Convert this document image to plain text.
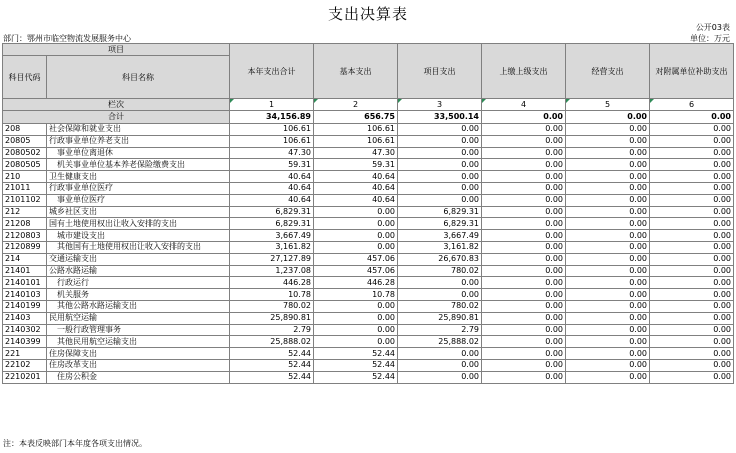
支出决算表
公开03表
部门：鄂州市临空物流发展服务中心	单位：万元
项目		本年支出合计	基本支出	项目支出	上缴上级支出	经营支出	对附属单位补助支出
科目代码	科目名称						
栏次		1	2	3	4	5	6
合计		34,156.89	656.75	33,500.14	0.00	0.00	0.00
208	社会保障和就业支出	106.61	106.61	0.00	0.00	0.00	0.00
20805	行政事业单位养老支出	106.61	106.61	0.00	0.00	0.00	0.00
2080502	事业单位离退休	47.30	47.30	0.00	0.00	0.00	0.00
2080505	机关事业单位基本养老保险缴费支出	59.31	59.31	0.00	0.00	0.00	0.00
210	卫生健康支出	40.64	40.64	0.00	0.00	0.00	0.00
21011	行政事业单位医疗	40.64	40.64	0.00	0.00	0.00	0.00
2101102	事业单位医疗	40.64	40.64	0.00	0.00	0.00	0.00
212	城乡社区支出	6,829.31	0.00	6,829.31	0.00	0.00	0.00
21208	国有土地使用权出让收入安排的支出	6,829.31	0.00	6,829.31	0.00	0.00	0.00
2120803	城市建设支出	3,667.49	0.00	3,667.49	0.00	0.00	0.00
2120899	其他国有土地使用权出让收入安排的支出	3,161.82	0.00	3,161.82	0.00	0.00	0.00
214	交通运输支出	27,127.89	457.06	26,670.83	0.00	0.00	0.00
21401	公路水路运输	1,237.08	457.06	780.02	0.00	0.00	0.00
2140101	行政运行	446.28	446.28	0.00	0.00	0.00	0.00
2140103	机关服务	10.78	10.78	0.00	0.00	0.00	0.00
2140199	其他公路水路运输支出	780.02	0.00	780.02	0.00	0.00	0.00
21403	民用航空运输	25,890.81	0.00	25,890.81	0.00	0.00	0.00
2140302	一般行政管理事务	2.79	0.00	2.79	0.00	0.00	0.00
2140399	其他民用航空运输支出	25,888.02	0.00	25,888.02	0.00	0.00	0.00
221	住房保障支出	52.44	52.44	0.00	0.00	0.00	0.00
22102	住房改革支出	52.44	52.44	0.00	0.00	0.00	0.00
2210201	住房公积金	52.44	52.44	0.00	0.00	0.00	0.00
注：本表反映部门本年度各项支出情况。
